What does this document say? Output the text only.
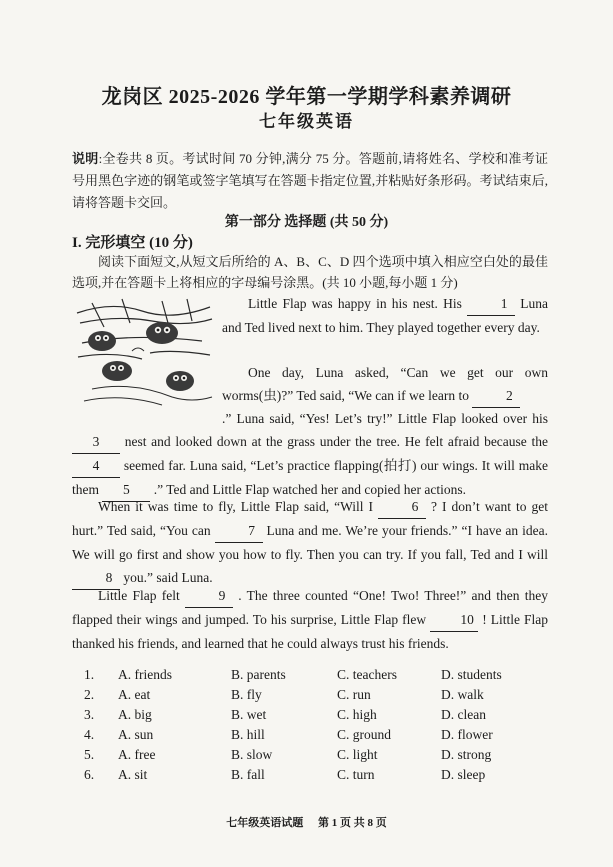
龙岗区 2025-2026 学年第一学期学科素养调研
七年级英语
说明:全卷共 8 页。考试时间 70 分钟,满分 75 分。答题前,请将姓名、学校和准考证号用黑色字迹的钢笔或签字笔填写在答题卡指定位置,并粘贴好条形码。考试结束后,请将答题卡交回。
第一部分 选择题 (共 50 分)
I. 完形填空 (10 分)
阅读下面短文,从短文后所给的 A、B、C、D 四个选项中填入相应空白处的最佳选项,并在答题卡上将相应的字母编号涂黑。(共 10 小题,每小题 1 分)
Little Flap was happy in his nest. His	1 Luna and Ted lived next to him. They played together every day.
One day, Luna asked, “Can we get our own worms(虫)?” Ted said, “We can if we learn to	2
.” Luna said, “Yes! Let’s try!” Little Flap looked over his 3 nest and looked down at the grass under the tree. He felt afraid because the 4 seemed far. Luna said, “Let’s practice flapping(拍打) our wings. It will make them 5 .” Ted and Little Flap watched her and copied her actions.
When it was time to fly, Little Flap said, “Will I	6 ? I don’t want to get hurt.” Ted said, “You can	7 Luna and me. We’re your friends.” “I have an idea. We will go first and show you how to fly. Then you can try. If you fall, Ted and I will 8 you.” said Luna.
Little Flap felt	9 . The three counted “One! Two! Three!” and then they flapped their wings and jumped. To his surprise, Little Flap flew	10 ! Little Flap thanked his friends, and learned that he could always trust his friends.
1.	A. friends	B. parents	C. teachers	D. students
2.	A. eat	B. fly	C. run	D. walk
3.	A. big	B. wet	C. high	D. clean
4.	A. sun	B. hill	C. ground	D. flower
5.	A. free	B. slow	C. light	D. strong
6.	A. sit	B. fall	C. turn	D. sleep
七年级英语试题 第 1 页 共 8 页
